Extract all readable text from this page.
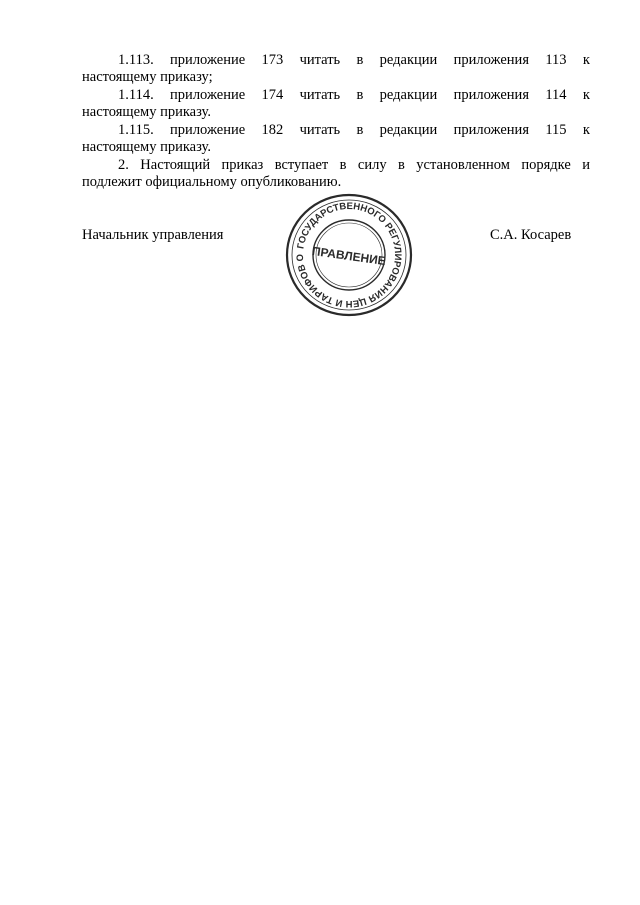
1.113. приложение 173 читать в редакции приложения 113 к
настоящему приказу;
1.114. приложение 174 читать в редакции приложения 114 к
настоящему приказу.
1.115. приложение 182 читать в редакции приложения 115 к
настоящему приказу.
2. Настоящий приказ вступает в силу в установленном порядке и
подлежит официальному опубликованию.
Начальник управления	С.А. Косарев
ГОСУДАРСТВЕННОГО РЕГУЛИРОВАНИЯ ЦЕН И ТАРИФОВ О ПРАВЛЕНИЕ
